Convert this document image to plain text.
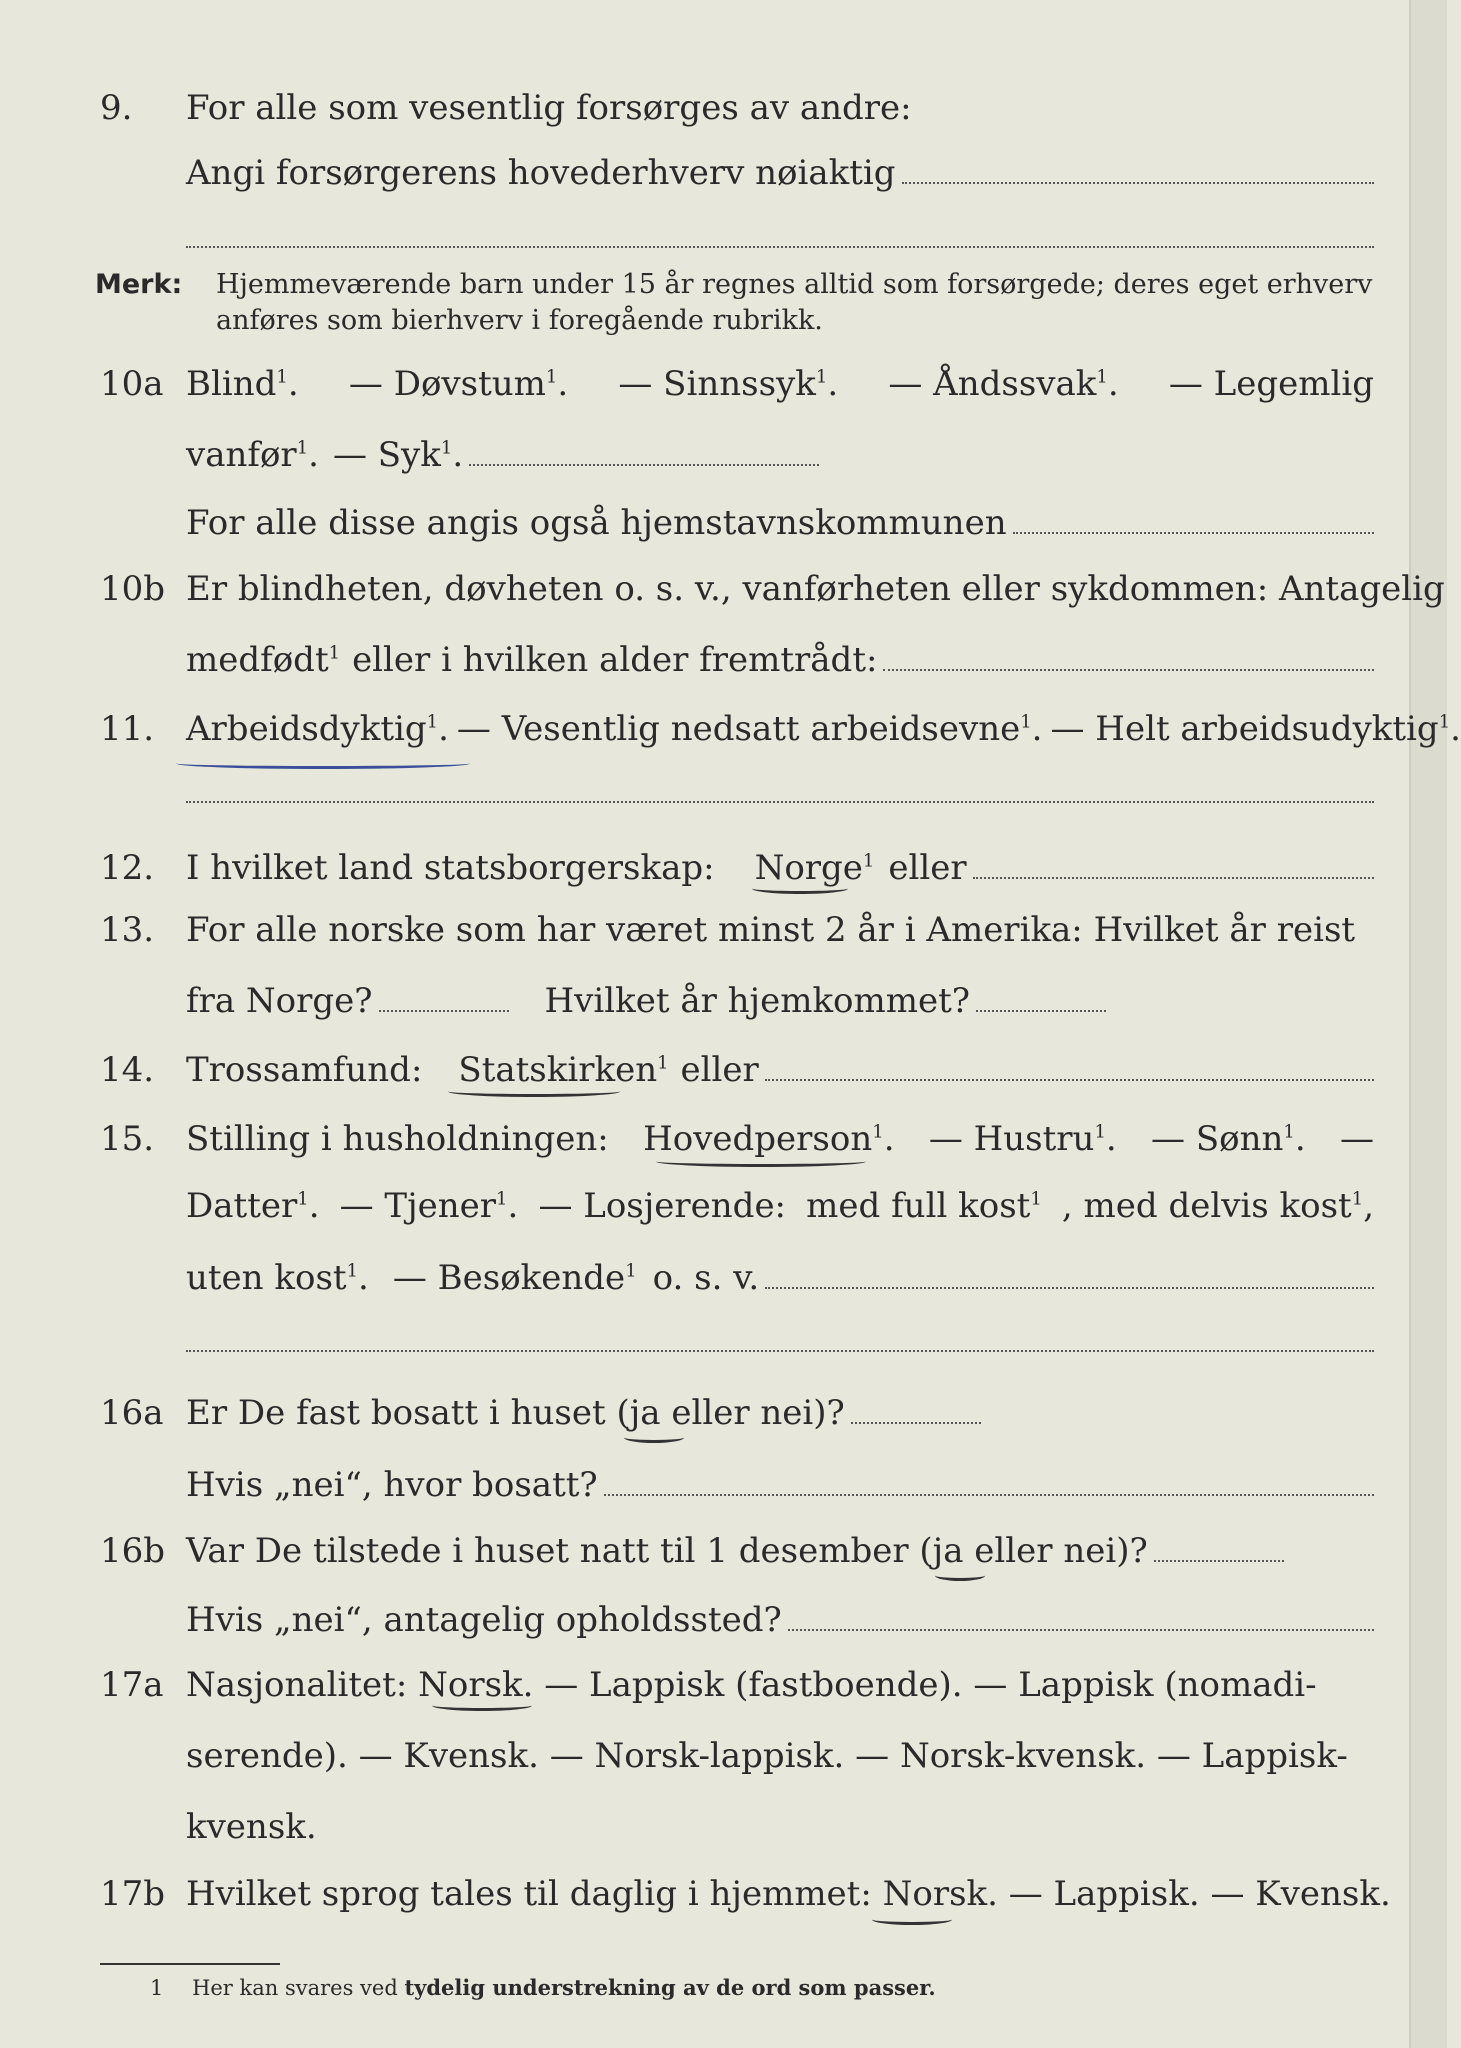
9.	For alle som vesentlig forsørges av andre:
Angi forsørgerens hovederhverv nøiaktig
Merk: Hjemmeværende barn under 15 år regnes alltid som forsørgede; deres eget erhverv anføres som bierhverv i foregående rubrikk.
10a Blind$^1$. — Døvstum$^1$. — Sinnssyk$^1$. — Åndssvak$^1$. — Legemlig
vanfør$^1$. — Syk$^1$.
For alle disse angis også hjemstavnskommunen
10b Er blindheten, døvheten o. s. v., vanførheten eller sykdommen: Antagelig
medfødt$^1$ eller i hvilken alder fremtrådt:
11. Arbeidsdyktig$^1$. — Vesentlig nedsatt arbeidsevne$^1$. — Helt arbeidsudyktig$^1$.
12. I hvilket land statsborgerskap: Norge$^1$ eller
13. For alle norske som har været minst 2 år i Amerika: Hvilket år reist
fra Norge?	Hvilket år hjemkommet?
14. Trossamfund: Statskirken$^1$ eller
15. Stilling i husholdningen: Hovedperson$^1$. — Hustru$^1$. — Sønn$^1$. —
Datter$^1$. — Tjener$^1$. — Losjerende: med full kost$^1$ , med delvis kost$^1$,
uten kost$^1$. — Besøkende$^1$ o. s. v.
16a Er De fast bosatt i huset (ja eller nei)?
Hvis „nei“, hvor bosatt?
16b Var De tilstede i huset natt til 1 desember (ja eller nei)?
Hvis „nei“, antagelig opholdssted?
17a Nasjonalitet: Norsk. — Lappisk (fastboende). — Lappisk (nomadi-
serende). — Kvensk. — Norsk-lappisk. — Norsk-kvensk. — Lappisk-
kvensk.
17b Hvilket sprog tales til daglig i hjemmet: Norsk. — Lappisk. — Kvensk.
1 Her kan svares ved tydelig understrekning av de ord som passer.
